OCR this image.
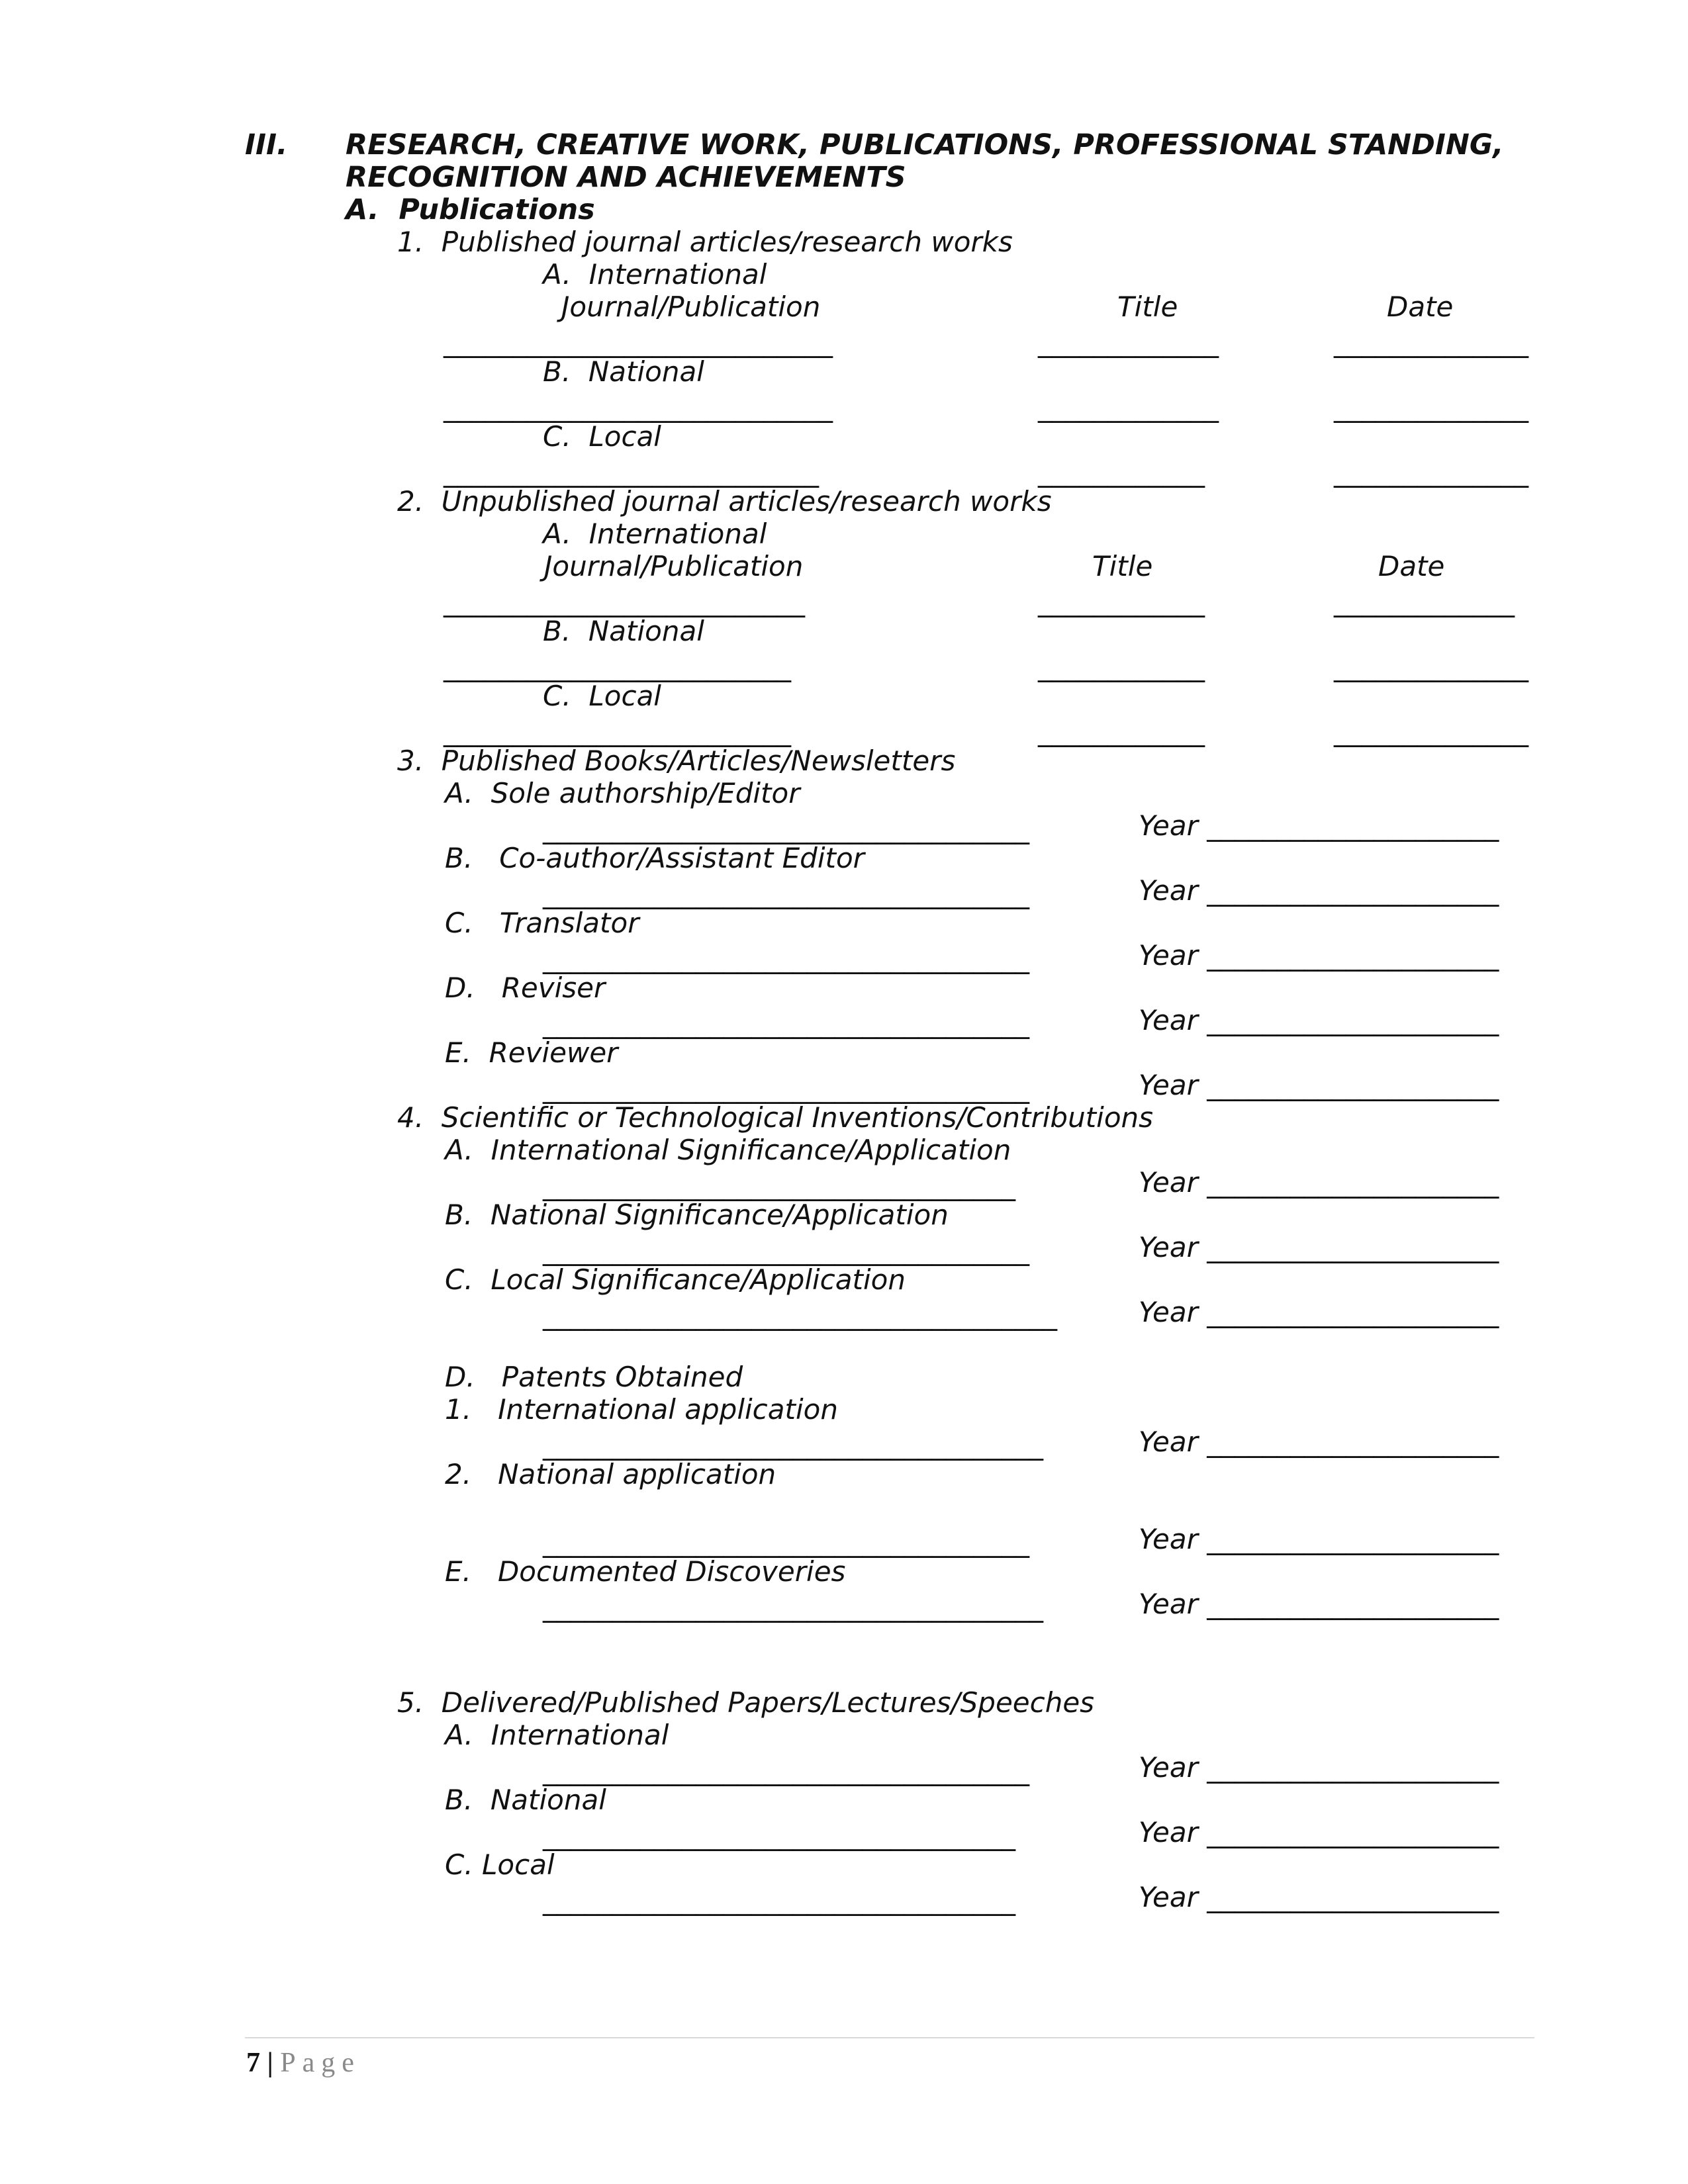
III. RESEARCH, CREATIVE WORK, PUBLICATIONS, PROFESSIONAL STANDING,
RECOGNITION AND ACHIEVEMENTS
A.  Publications
1.  Published journal articles/research works
A.  International
Journal/Publication	Title	Date
____________________________	_____________	______________
B.  National
____________________________	_____________	______________
C.  Local
___________________________	____________	______________
2.  Unpublished journal articles/research works
A.  International
Journal/Publication	Title	Date
__________________________	____________	_____________
B.  National
_________________________	____________	______________
C.  Local
_________________________	____________	______________
3.  Published Books/Articles/Newsletters
A.  Sole authorship/Editor
___________________________________	Year _____________________
B.   Co-author/Assistant Editor
___________________________________	Year _____________________
C.   Translator
___________________________________	Year _____________________
D.   Reviser
___________________________________	Year _____________________
E.  Reviewer
___________________________________	Year _____________________
4.  Scientific or Technological Inventions/Contributions
A.  International Significance/Application
__________________________________	Year _____________________
B.  National Significance/Application
___________________________________	Year _____________________
C.  Local Significance/Application
_____________________________________	Year _____________________
D.   Patents Obtained
1.   International application
____________________________________	Year _____________________
2.   National application
___________________________________	Year _____________________
E.   Documented Discoveries
____________________________________	Year _____________________
5.  Delivered/Published Papers/Lectures/Speeches
A.  International
___________________________________	Year _____________________
B.  National
__________________________________	Year _____________________
C. Local
__________________________________	Year _____________________
7 | Page
